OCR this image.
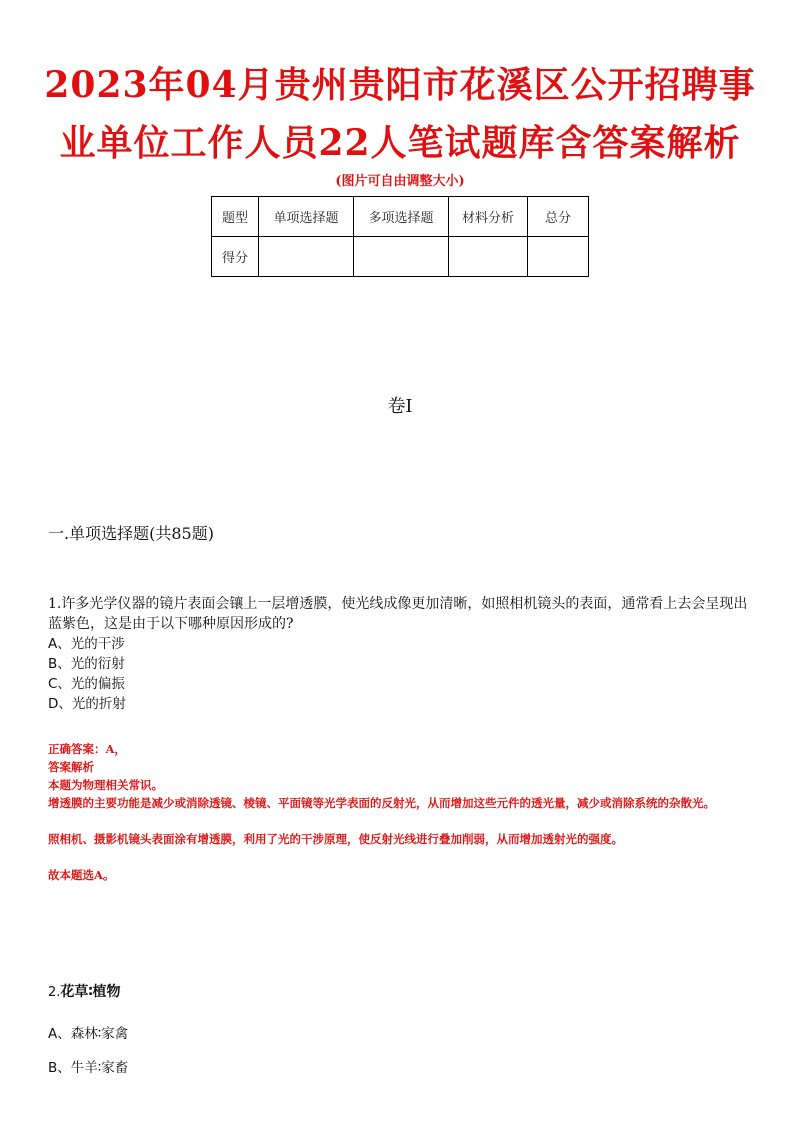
2023年04月贵州贵阳市花溪区公开招聘事
业单位工作人员22人笔试题库含答案解析
(图片可自由调整大小)
题型	单项选择题	多项选择题	材料分析	总分
得分				
卷I
一.单项选择题(共85题)

1.许多光学仪器的镜片表面会镶上一层增透膜，使光线成像更加清晰，如照相机镜头的表面，通常看上去会呈现出蓝紫色，这是由于以下哪种原因形成的?

A、光的干涉

B、光的衍射

C、光的偏振

D、光的折射

正确答案：A，

答案解析

本题为物理相关常识。

增透膜的主要功能是减少或消除透镜、棱镜、平面镜等光学表面的反射光，从而增加这些元件的透光量，减少或消除系统的杂散光。

照相机、摄影机镜头表面涂有增透膜，利用了光的干涉原理，使反射光线进行叠加削弱，从而增加透射光的强度。

故本题选A。

2.花草∶植物

A、森林∶家禽

B、牛羊∶家畜
